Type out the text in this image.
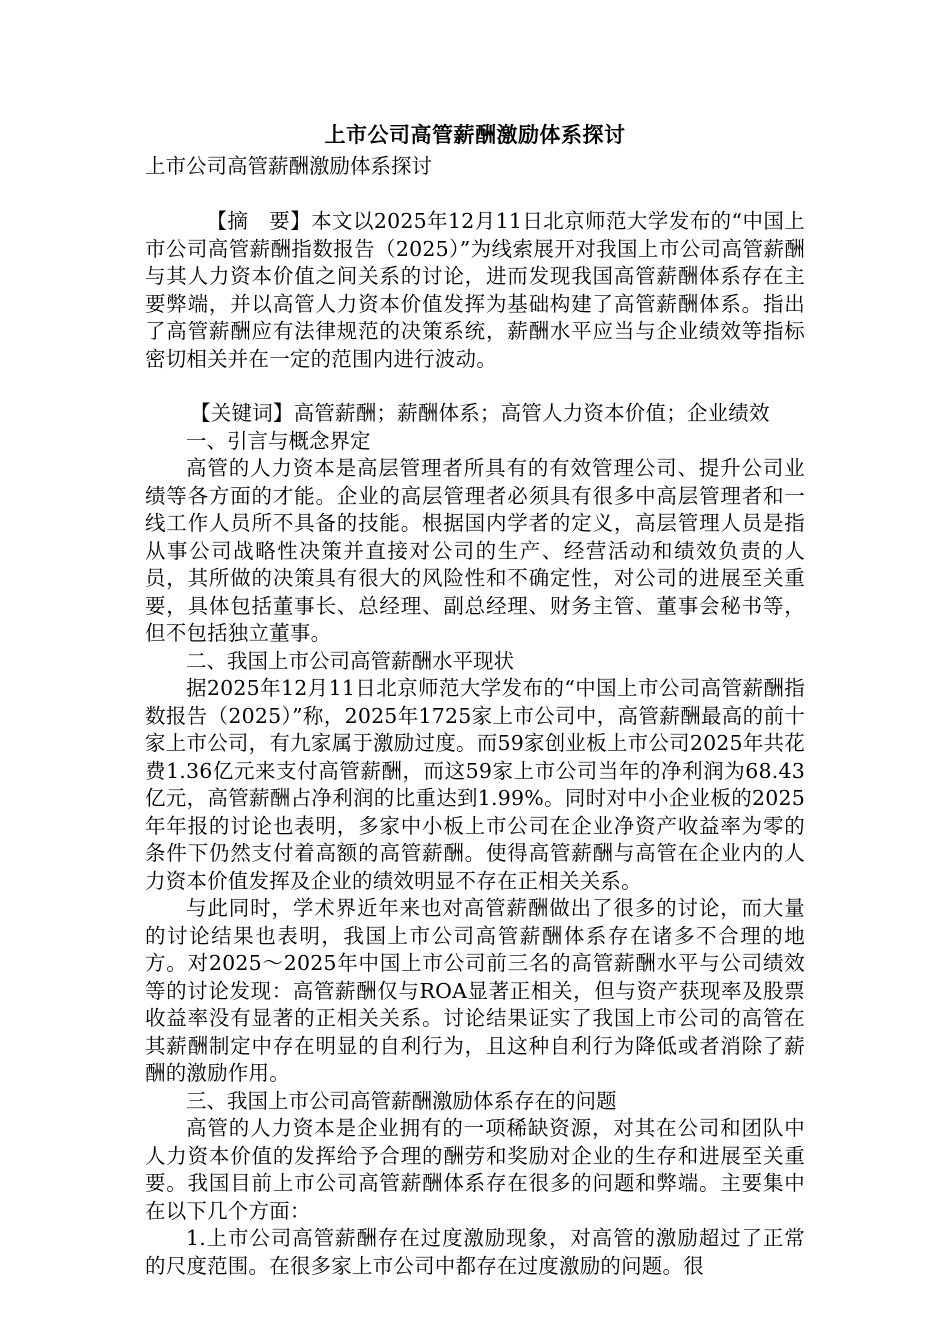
上市公司高管薪酬激励体系探讨
上市公司高管薪酬激励体系探讨

【摘　要】本文以2025年12月11日北京师范大学发布的“中国上市公司高管薪酬指数报告（2025）”为线索展开对我国上市公司高管薪酬与其人力资本价值之间关系的讨论，进而发现我国高管薪酬体系存在主要弊端，并以高管人力资本价值发挥为基础构建了高管薪酬体系。指出了高管薪酬应有法律规范的决策系统，薪酬水平应当与企业绩效等指标密切相关并在一定的范围内进行波动。

【关键词】高管薪酬；薪酬体系；高管人力资本价值；企业绩效

一、引言与概念界定

高管的人力资本是高层管理者所具有的有效管理公司、提升公司业绩等各方面的才能。企业的高层管理者必须具有很多中高层管理者和一线工作人员所不具备的技能。根据国内学者的定义，高层管理人员是指从事公司战略性决策并直接对公司的生产、经营活动和绩效负责的人员，其所做的决策具有很大的风险性和不确定性，对公司的进展至关重要，具体包括董事长、总经理、副总经理、财务主管、董事会秘书等，但不包括独立董事。

二、我国上市公司高管薪酬水平现状

据2025年12月11日北京师范大学发布的“中国上市公司高管薪酬指数报告（2025）”称，2025年1725家上市公司中，高管薪酬最高的前十家上市公司，有九家属于激励过度。而59家创业板上市公司2025年共花费1.36亿元来支付高管薪酬，而这59家上市公司当年的净利润为68.43亿元，高管薪酬占净利润的比重达到1.99%。同时对中小企业板的2025年年报的讨论也表明，多家中小板上市公司在企业净资产收益率为零的条件下仍然支付着高额的高管薪酬。使得高管薪酬与高管在企业内的人力资本价值发挥及企业的绩效明显不存在正相关关系。

与此同时，学术界近年来也对高管薪酬做出了很多的讨论，而大量的讨论结果也表明，我国上市公司高管薪酬体系存在诸多不合理的地方。对2025～2025年中国上市公司前三名的高管薪酬水平与公司绩效等的讨论发现：高管薪酬仅与ROA显著正相关，但与资产获现率及股票收益率没有显著的正相关关系。讨论结果证实了我国上市公司的高管在其薪酬制定中存在明显的自利行为，且这种自利行为降低或者消除了薪酬的激励作用。

三、我国上市公司高管薪酬激励体系存在的问题

高管的人力资本是企业拥有的一项稀缺资源，对其在公司和团队中人力资本价值的发挥给予合理的酬劳和奖励对企业的生存和进展至关重要。我国目前上市公司高管薪酬体系存在很多的问题和弊端。主要集中在以下几个方面：

1.上市公司高管薪酬存在过度激励现象，对高管的激励超过了正常的尺度范围。在很多家上市公司中都存在过度激励的问题。很
